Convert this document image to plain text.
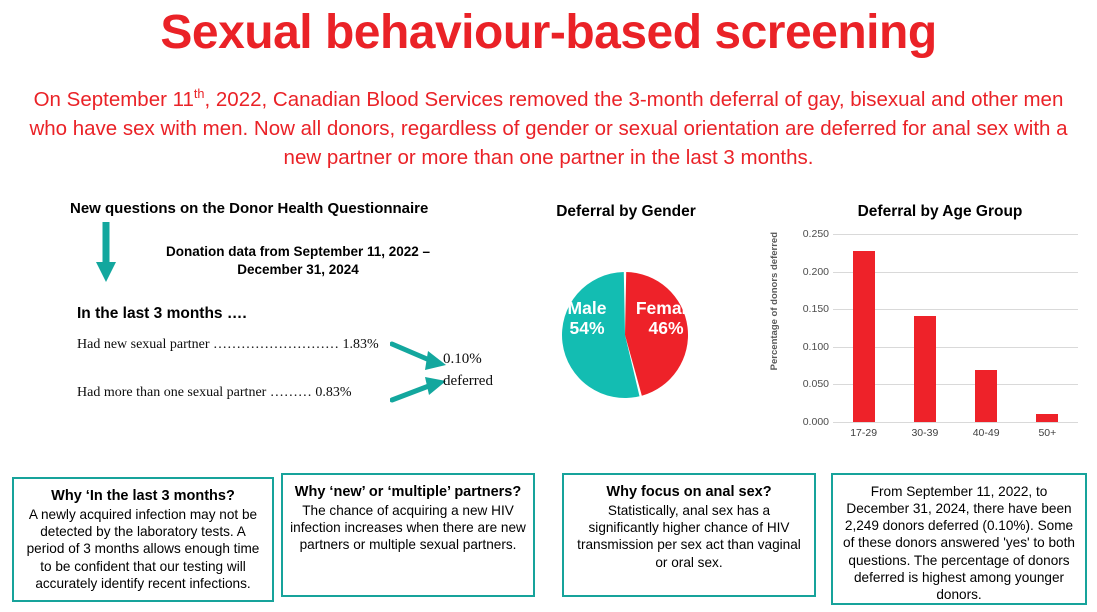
Sexual behaviour-based screening
On September 11th, 2022, Canadian Blood Services removed the 3-month deferral of gay, bisexual and other men who have sex with men. Now all donors, regardless of gender or sexual orientation are deferred for anal sex with a new partner or more than one partner in the last 3 months.
New questions on the Donor Health Questionnaire
Donation data from September 11, 2022 – December 31, 2024
In the last 3 months ….
Had new sexual partner ……………………… 1.83%
Had more than one sexual partner ……… 0.83%
0.10%
deferred
Deferral by Gender
Male
54%
Female
46%
Deferral by Age Group
Percentage of donors deferred
0.000
0.050
0.100
0.150
0.200
0.250
17-29	30-39	40-49	50+
Why ‘In the last 3 months?
A newly acquired infection may not be detected by the laboratory tests. A period of 3 months allows enough time to be confident that our testing will accurately identify recent infections.
Why ‘new’ or ‘multiple’ partners?
The chance of acquiring a new HIV infection increases when there are new partners or multiple sexual partners.
Why focus on anal sex?
Statistically, anal sex has a significantly higher chance of HIV transmission per sex act than vaginal or oral sex.
From September 11, 2022, to December 31, 2024, there have been 2,249 donors deferred (0.10%). Some of these donors answered 'yes' to both questions. The percentage of donors deferred is highest among younger donors.
